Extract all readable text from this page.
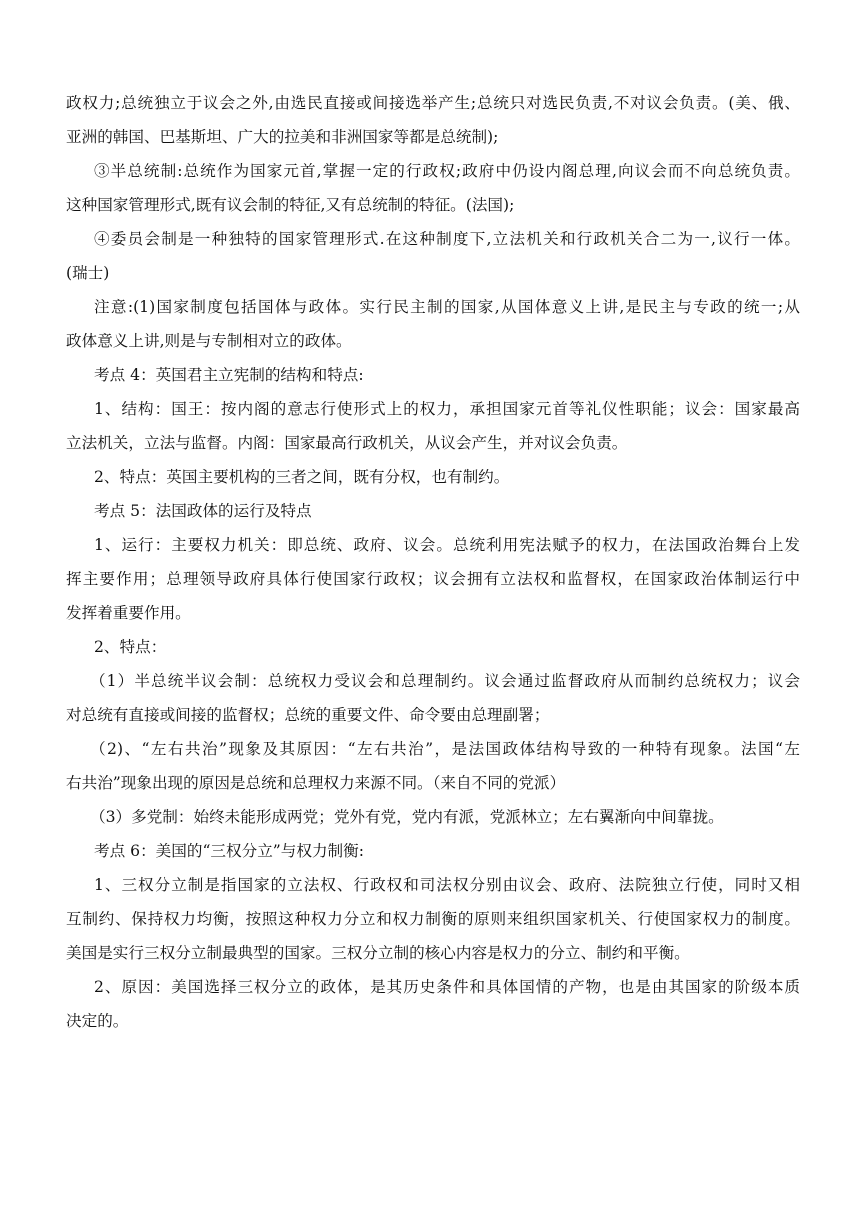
政权力;总统独立于议会之外,由选民直接或间接选举产生;总统只对选民负责,不对议会负责。(美、俄、
亚洲的韩国、巴基斯坦、广大的拉美和非洲国家等都是总统制);
③半总统制:总统作为国家元首,掌握一定的行政权;政府中仍设内阁总理,向议会而不向总统负责。
这种国家管理形式,既有议会制的特征,又有总统制的特征。(法国);
④委员会制是一种独特的国家管理形式.在这种制度下,立法机关和行政机关合二为一,议行一体。
(瑞士)
注意:(1)国家制度包括国体与政体。实行民主制的国家,从国体意义上讲,是民主与专政的统一;从
政体意义上讲,则是与专制相对立的政体。
考点 4：英国君主立宪制的结构和特点:
1、结构：国王：按内阁的意志行使形式上的权力，承担国家元首等礼仪性职能；议会：国家最高
立法机关，立法与监督。内阁：国家最高行政机关，从议会产生，并对议会负责。
2、特点：英国主要机构的三者之间，既有分权，也有制约。
考点 5：法国政体的运行及特点
1、运行：主要权力机关：即总统、政府、议会。总统利用宪法赋予的权力，在法国政治舞台上发
挥主要作用；总理领导政府具体行使国家行政权；议会拥有立法权和监督权，在国家政治体制运行中
发挥着重要作用。
2、特点：
（1）半总统半议会制：总统权力受议会和总理制约。议会通过监督政府从而制约总统权力；议会
对总统有直接或间接的监督权；总统的重要文件、命令要由总理副署；
（2)、“左右共治”现象及其原因：“左右共治”，是法国政体结构导致的一种特有现象。法国“左
右共治”现象出现的原因是总统和总理权力来源不同。（来自不同的党派）
（3）多党制：始终未能形成两党；党外有党，党内有派，党派林立；左右翼渐向中间靠拢。
考点 6：美国的“三权分立”与权力制衡:
1、三权分立制是指国家的立法权、行政权和司法权分别由议会、政府、法院独立行使，同时又相
互制约、保持权力均衡，按照这种权力分立和权力制衡的原则来组织国家机关、行使国家权力的制度。
美国是实行三权分立制最典型的国家。三权分立制的核心内容是权力的分立、制约和平衡。
2、原因：美国选择三权分立的政体，是其历史条件和具体国情的产物，也是由其国家的阶级本质
决定的。
